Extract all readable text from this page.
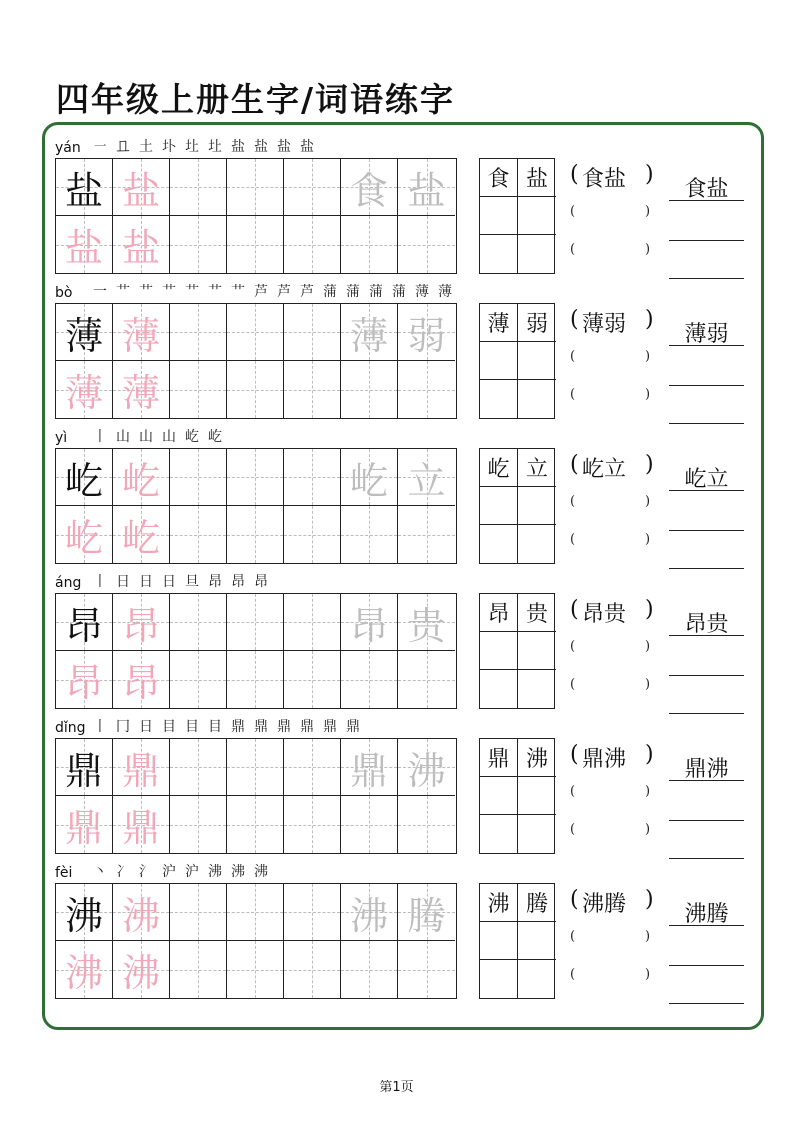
四年级上册生字/词语练字
yán ㇐ 𠀃 土 圤 圵 圵 盐 盐 盐 盐
盐 盐	食 盐
盐 盐
食 盐	(	)
食盐
(	)
(	)
食盐
bò 一 艹 艹 艹 艹 艹 艹 芦 芦 芦 蒲 蒲 蒲 蒲 薄 薄
薄 薄	薄 弱
薄 薄
薄 弱	(	)
薄弱
(	)
(	)
薄弱
yì 丨 山 山 山 屹 屹
屹 屹	屹 立
屹 屹
屹 立	(	)
屹立
(	)
(	)
屹立
áng 丨 日 日 日 旦 昂 昂 昂
昂 昂	昂 贵
昂 昂
昂 贵	(	)
昂贵
(	)
(	)
昂贵
dǐng 丨 冂 日 目 目 目 鼎 鼎 鼎 鼎 鼎 鼎
鼎 鼎	鼎 沸
鼎 鼎
鼎 沸	(	)
鼎沸
(	)
(	)
鼎沸
fèi 丶 冫 氵 沪 沪 沸 沸 沸
沸 沸	沸 腾
沸 沸
沸 腾	(	)
沸腾
(	)
(	)
沸腾
第1页
